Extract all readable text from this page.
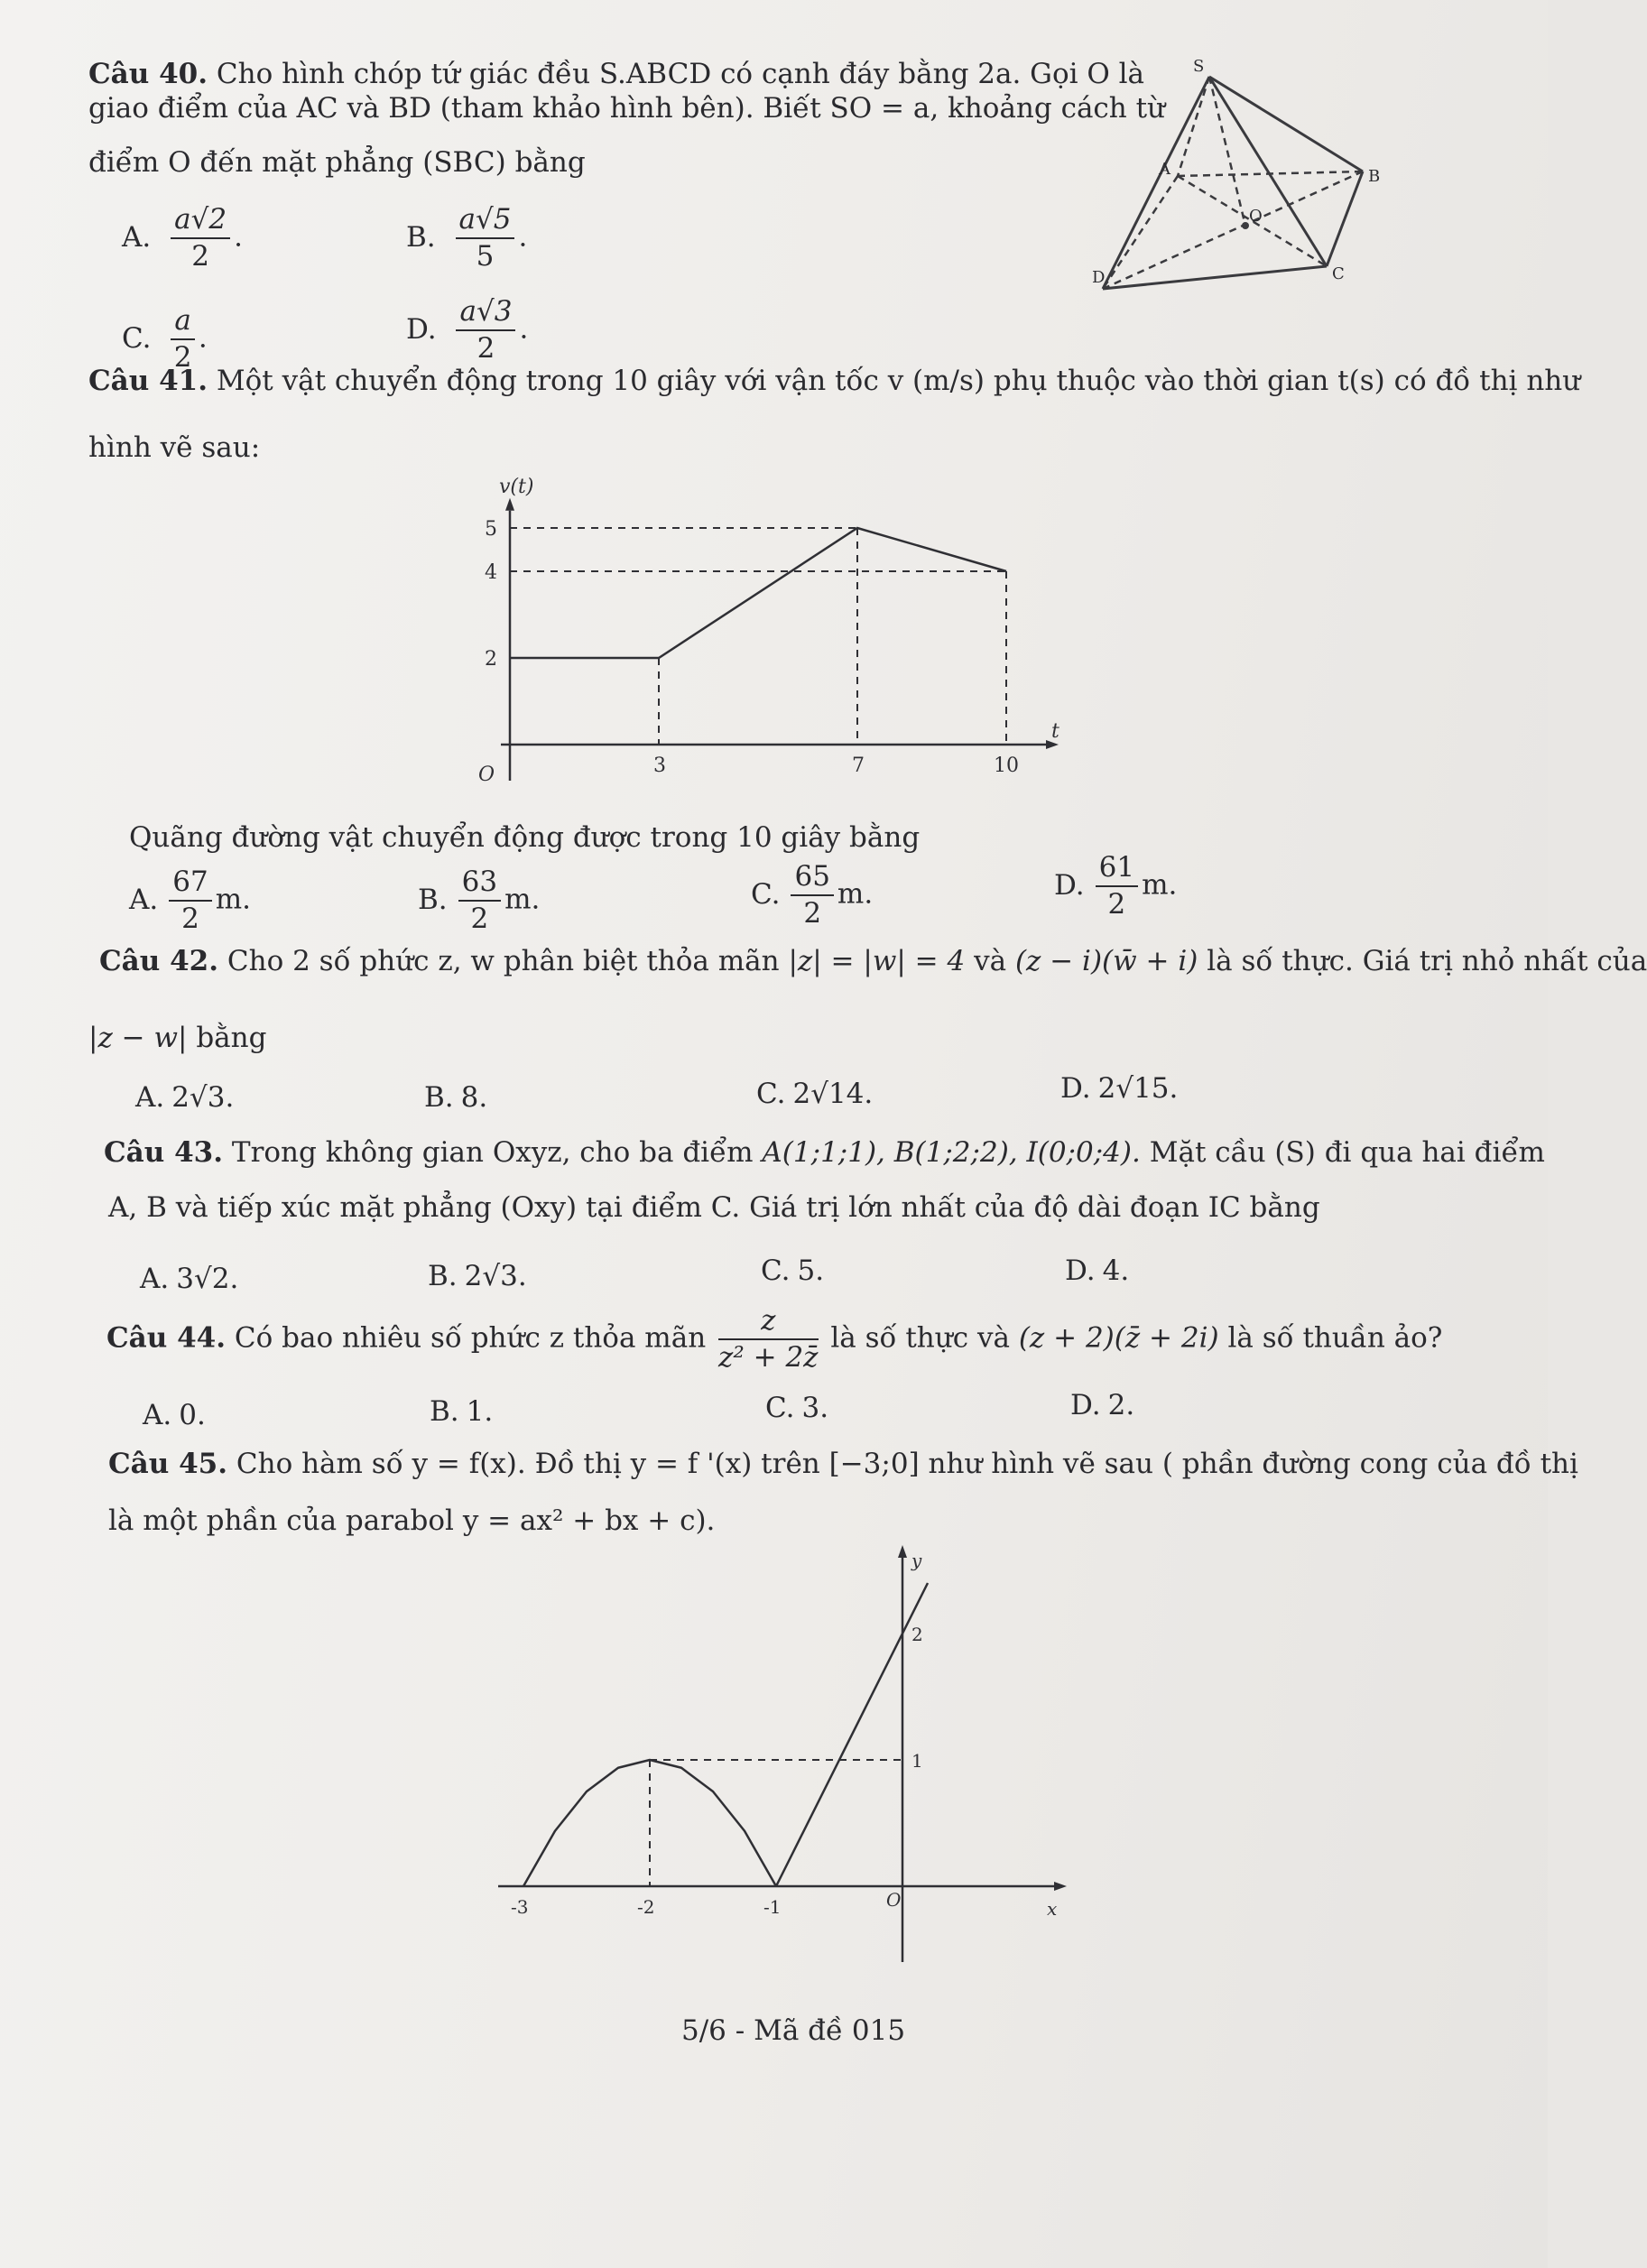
Câu 40. Cho hình chóp tứ giác đều S.ABCD có cạnh đáy bằng 2a. Gọi O là
giao điểm của AC và BD (tham khảo hình bên). Biết SO = a, khoảng cách từ
điểm O đến mặt phẳng (SBC) bằng
A. $\frac{a√2}{2}$ .	B. $\frac{a√5}{5}$ .
C. $\frac{a}{2}$ .	D. $\frac{a√3}{2}$ .
S
A	B
C
D
O
Câu 41. Một vật chuyển động trong 10 giây với vận tốc v (m/s) phụ thuộc vào thời gian t(s) có đồ thị như
hình vẽ sau:
v(t)
t
O	3	7	10
2
4
5
Quãng đường vật chuyển động được trong 10 giây bằng
A. $\frac{67}{2} m$.	B. $\frac{63}{2} m$.	C. $\frac{65}{2} m$.	D. $\frac{61}{2} m$.
Câu 42. Cho 2 số phức z, w phân biệt thỏa mãn |z| = |w| = 4 và (z − i)(w̄ + i) là số thực. Giá trị nhỏ nhất của
|z − w| bằng
A. 2√3.	B. 8.	C. 2√14.	D. 2√15.
Câu 43. Trong không gian Oxyz, cho ba điểm A(1;1;1), B(1;2;2), I(0;0;4). Mặt cầu (S) đi qua hai điểm
A, B và tiếp xúc mặt phẳng (Oxy) tại điểm C. Giá trị lớn nhất của độ dài đoạn IC bằng
A. 3√2.	B. 2√3.	C. 5.	D. 4.
Câu 44. Có bao nhiêu số phức z thỏa mãn $\frac{z}{\text{z² + 2z̄}}$ là số thực và (z + 2)(z̄ + 2i) là số thuần ảo?
A. 0.	B. 1.	C. 3.	D. 2.
Câu 45. Cho hàm số y = f(x). Đồ thị y = f '(x) trên [−3;0] như hình vẽ sau ( phần đường cong của đồ thị
là một phần của parabol y = ax² + bx + c).
y
x
O
-3	-2	-1
1
2
5/6 - Mã đề 015
